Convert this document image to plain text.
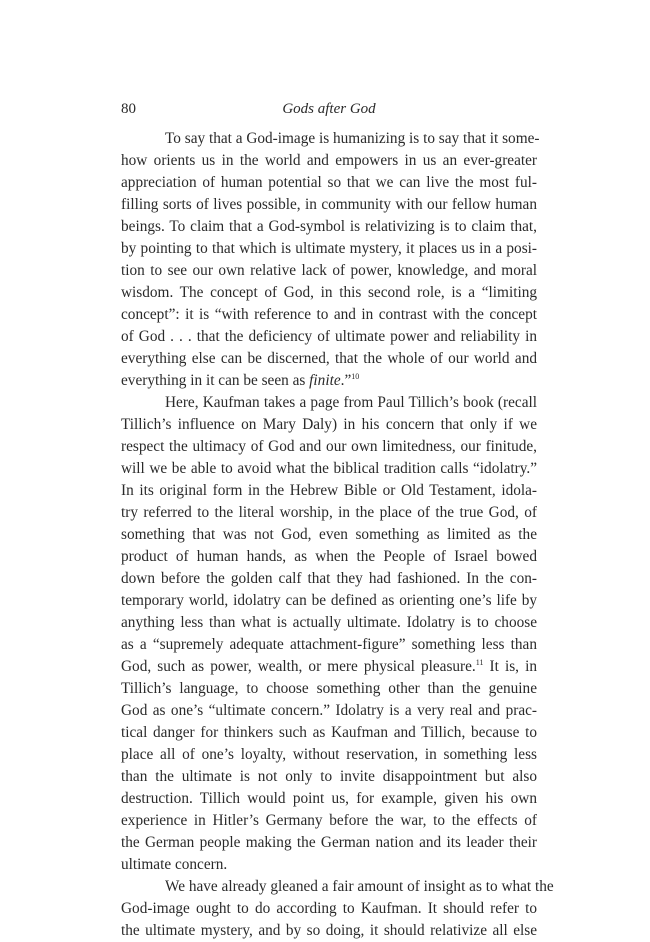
80	Gods after God

To say that a God-image is humanizing is to say that it some-
how orients us in the world and empowers in us an ever-greater
appreciation of human potential so that we can live the most ful-
filling sorts of lives possible, in community with our fellow human
beings. To claim that a God-symbol is relativizing is to claim that,
by pointing to that which is ultimate mystery, it places us in a posi-
tion to see our own relative lack of power, knowledge, and moral
wisdom. The concept of God, in this second role, is a “limiting
concept”: it is “with reference to and in contrast with the concept
of God . . . that the deficiency of ultimate power and reliability in
everything else can be discerned, that the whole of our world and
everything in it can be seen as finite.”$^{10}$

Here, Kaufman takes a page from Paul Tillich’s book (recall
Tillich’s influence on Mary Daly) in his concern that only if we
respect the ultimacy of God and our own limitedness, our finitude,
will we be able to avoid what the biblical tradition calls “idolatry.”
In its original form in the Hebrew Bible or Old Testament, idola-
try referred to the literal worship, in the place of the true God, of
something that was not God, even something as limited as the
product of human hands, as when the People of Israel bowed
down before the golden calf that they had fashioned. In the con-
temporary world, idolatry can be defined as orienting one’s life by
anything less than what is actually ultimate. Idolatry is to choose
as a “supremely adequate attachment-figure” something less than
God, such as power, wealth, or mere physical pleasure.$^{11}$ It is, in
Tillich’s language, to choose something other than the genuine
God as one’s “ultimate concern.” Idolatry is a very real and prac-
tical danger for thinkers such as Kaufman and Tillich, because to
place all of one’s loyalty, without reservation, in something less
than the ultimate is not only to invite disappointment but also
destruction. Tillich would point us, for example, given his own
experience in Hitler’s Germany before the war, to the effects of
the German people making the German nation and its leader their
ultimate concern.

We have already gleaned a fair amount of insight as to what the
God-image ought to do according to Kaufman. It should refer to
the ultimate mystery, and by so doing, it should relativize all else
